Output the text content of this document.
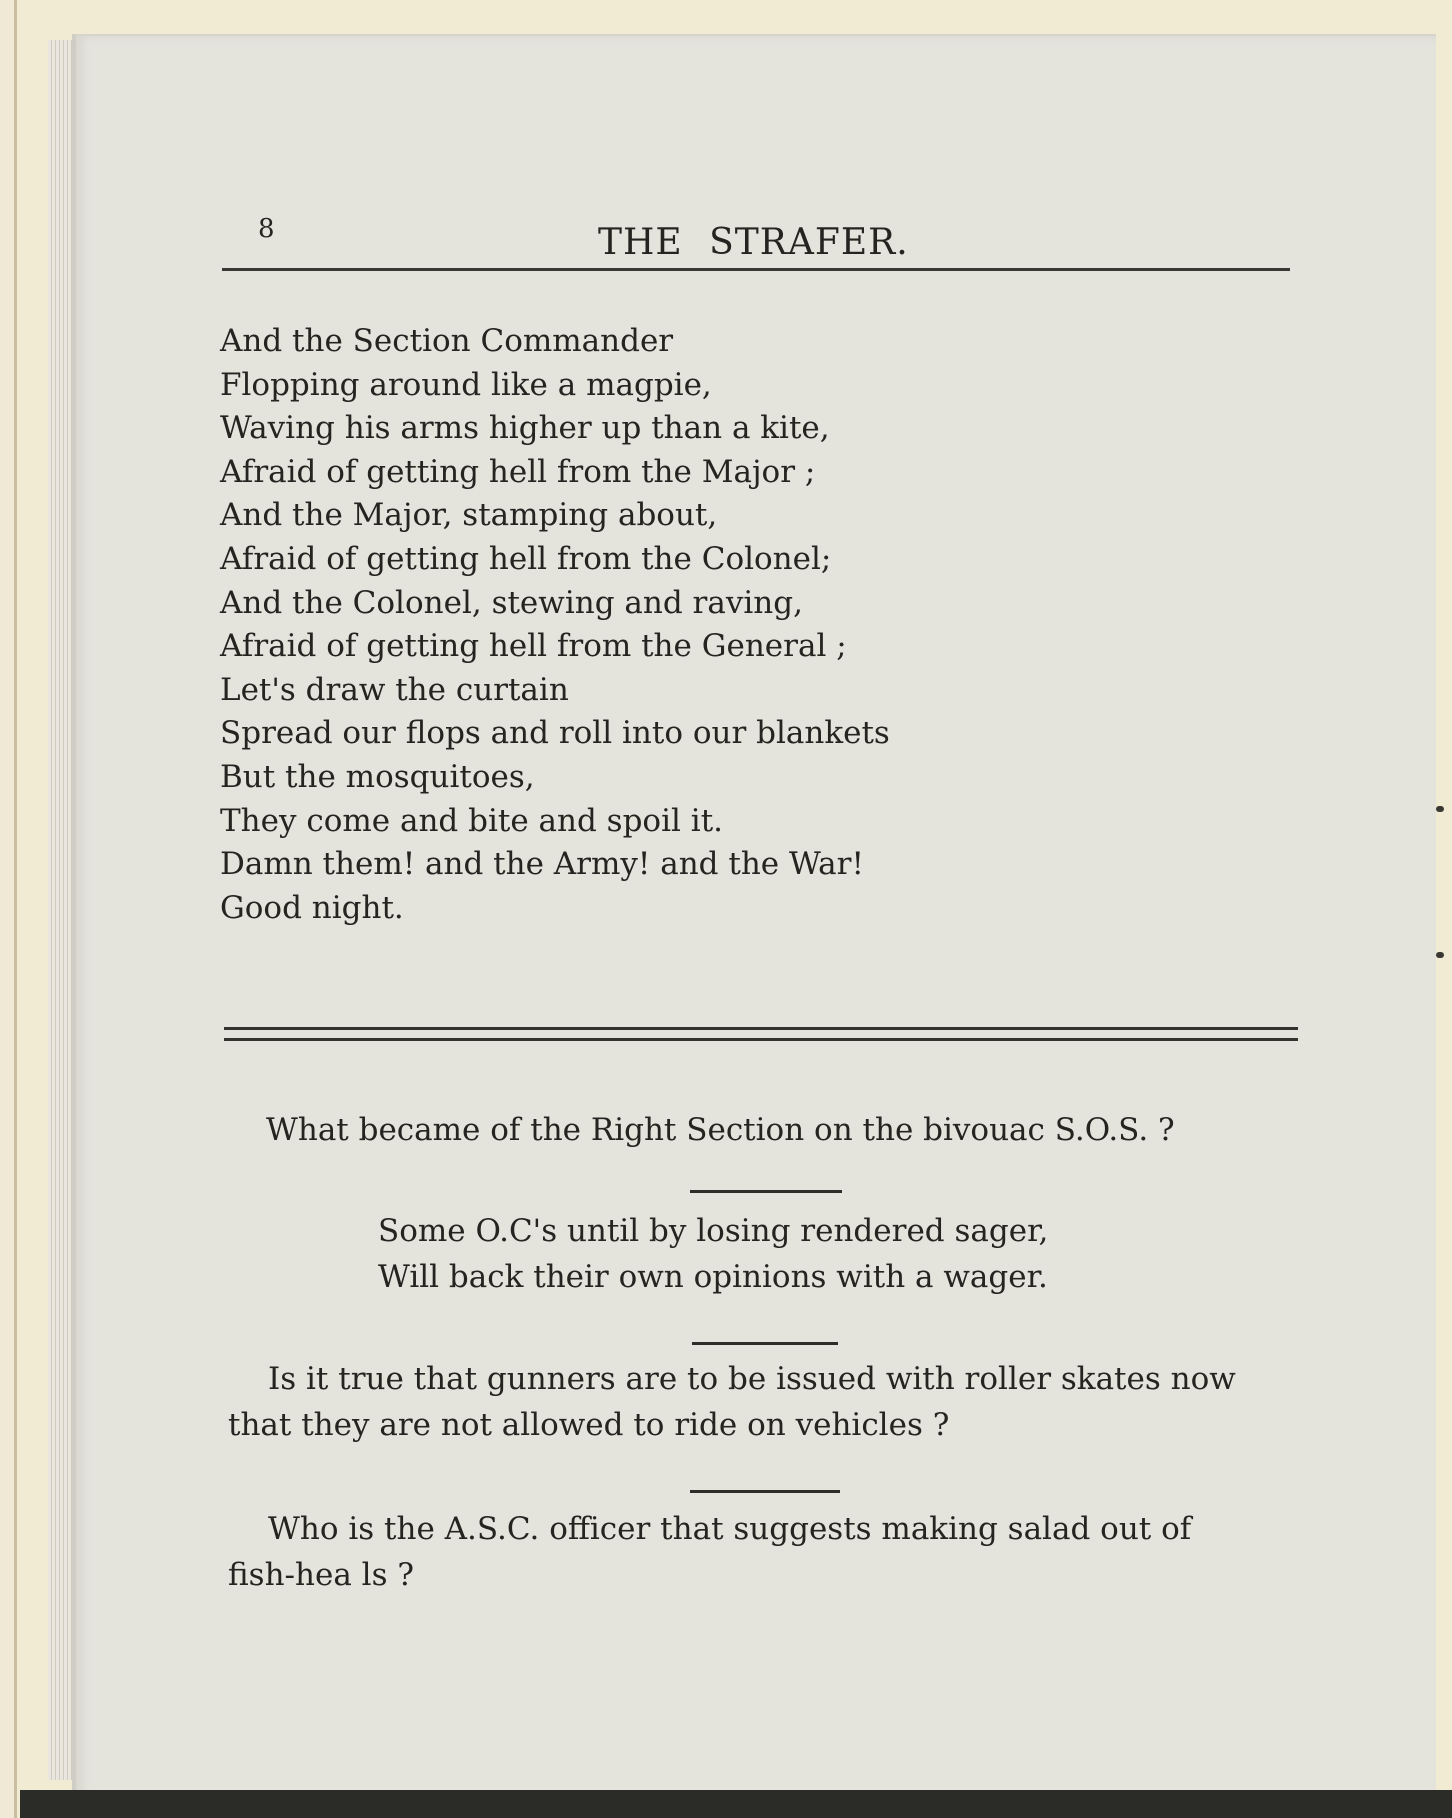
8	THE STRAFER.
And the Section Commander
Flopping around like a magpie,
Waving his arms higher up than a kite,
Afraid of getting hell from the Major ;
And the Major, stamping about,
Afraid of getting hell from the Colonel;
And the Colonel, stewing and raving,
Afraid of getting hell from the General ;
Let's draw the curtain
Spread our flops and roll into our blankets
But the mosquitoes,
They come and bite and spoil it.
Damn them! and the Army! and the War!
Good night.
What became of the Right Section on the bivouac S.O.S. ?
Some O.C's until by losing rendered sager,
Will back their own opinions with a wager.
Is it true that gunners are to be issued with roller skates now
that they are not allowed to ride on vehicles ?
Who is the A.S.C. officer that suggests making salad out of
fish-hea ls ?
